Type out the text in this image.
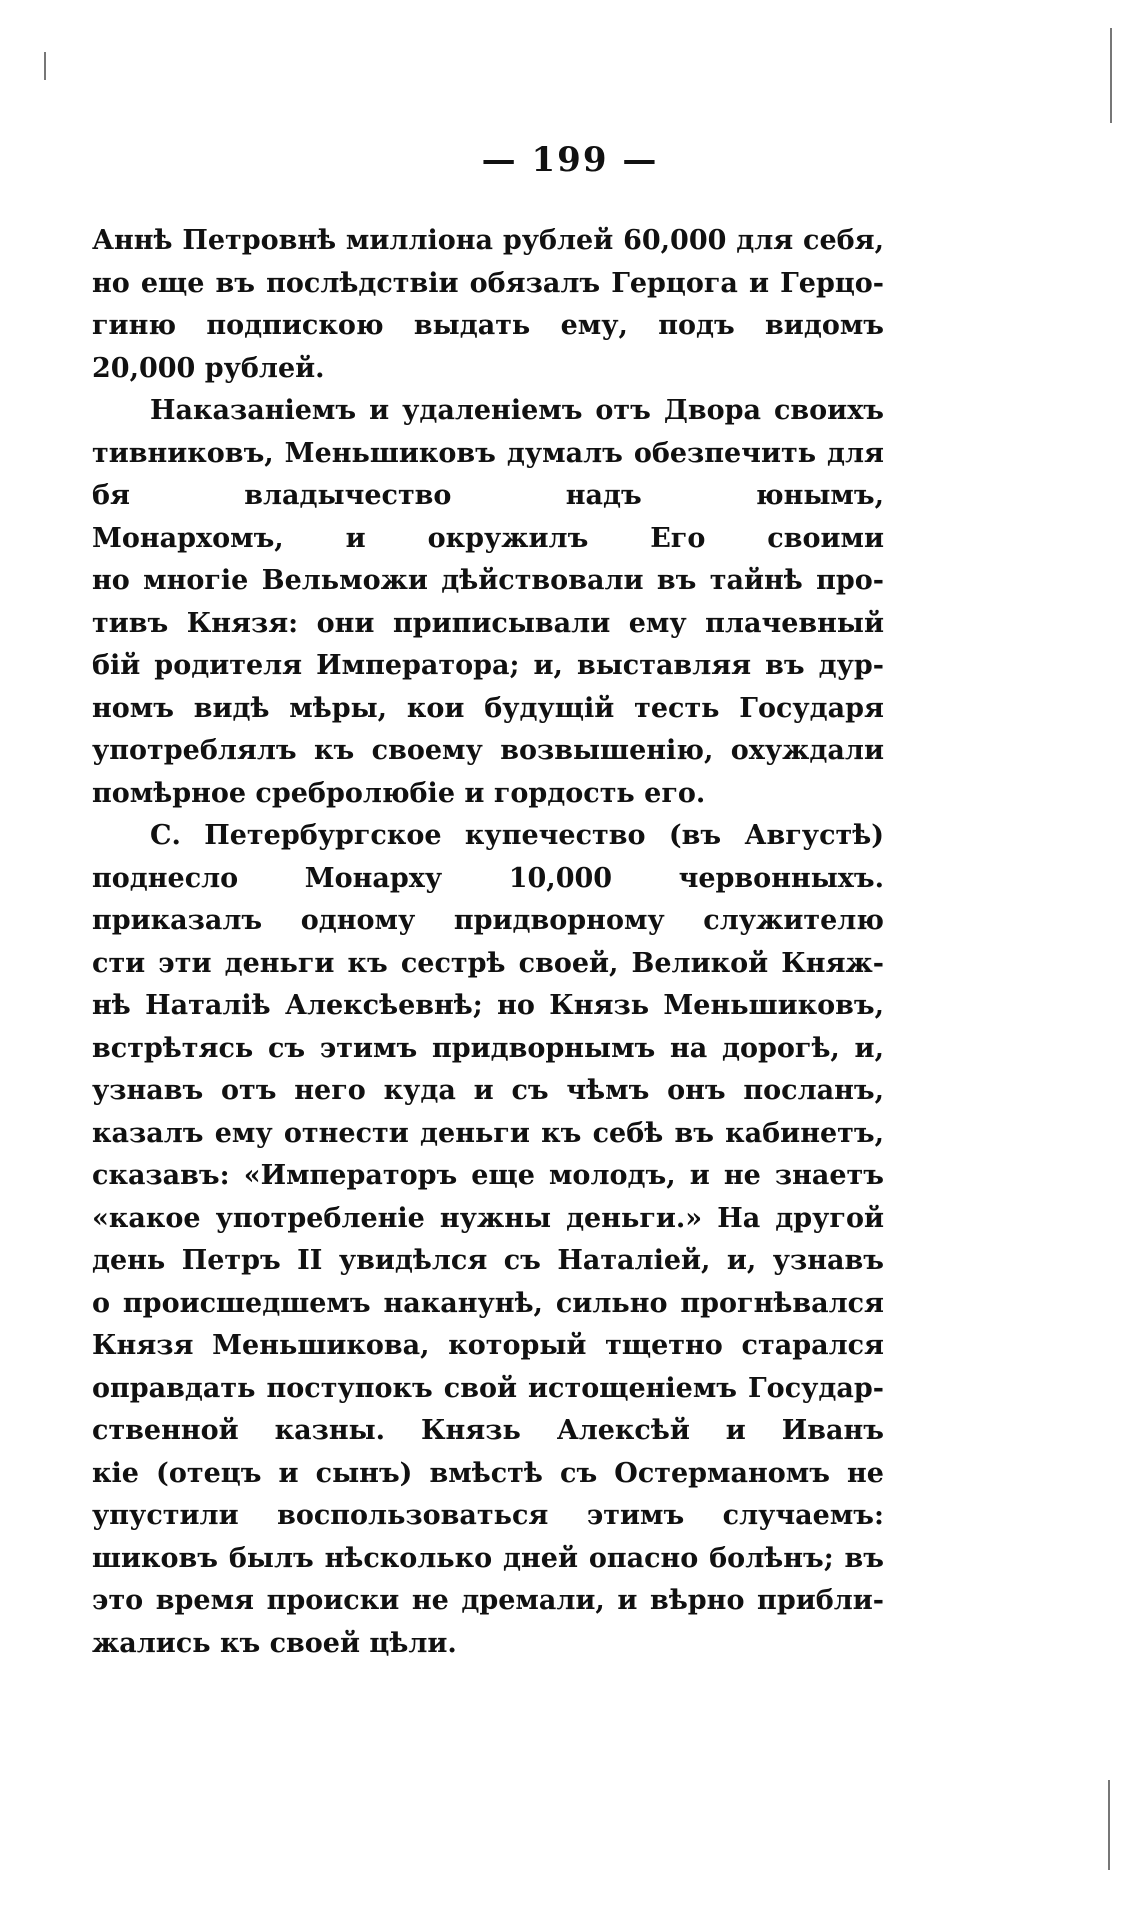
— 199 —
Аннѣ Петровнѣ милліона рублей 60,000 для себя,
но еще въ послѣдствіи обязалъ Герцога и Герцо-
гиню подпискою выдать ему, подъ видомъ
20,000 рублей.
Наказаніемъ и удаленіемъ отъ Двора своихъ
тивниковъ, Меньшиковъ думалъ обезпечить для
бя владычество надъ юнымъ,
Монархомъ, и окружилъ Его своими
но многіе Вельможи дѣйствовали въ тайнѣ про-
тивъ Князя: они приписывали ему плачевный
бій родителя Императора; и, выставляя въ дур-
номъ видѣ мѣры, кои будущій тесть Государя
употреблялъ къ своему возвышенію, охуждали
помѣрное сребролюбіе и гордость его.
С. Петербургское купечество (въ Августѣ)
поднесло Монарху 10,000 червонныхъ.
приказалъ одному придворному служителю
сти эти деньги къ сестрѣ своей, Великой Княж-
нѣ Наталіѣ Алексѣевнѣ; но Князь Меньшиковъ,
встрѣтясь съ этимъ придворнымъ на дорогѣ, и,
узнавъ отъ него куда и съ чѣмъ онъ посланъ,
казалъ ему отнести деньги къ себѣ въ кабинетъ,
сказавъ: «Императоръ еще молодъ, и не знаетъ
«какое употребленіе нужны деньги.» На другой
день Петръ II увидѣлся съ Наталіей, и, узнавъ
о происшедшемъ наканунѣ, сильно прогнѣвался
Князя Меньшикова, который тщетно старался
оправдать поступокъ свой истощеніемъ Государ-
ственной казны. Князь Алексѣй и Иванъ
кіе (отецъ и сынъ) вмѣстѣ съ Остерманомъ не
упустили воспользоваться этимъ случаемъ:
шиковъ былъ нѣсколько дней опасно болѣнъ; въ
это время происки не дремали, и вѣрно прибли-
жались къ своей цѣли.
